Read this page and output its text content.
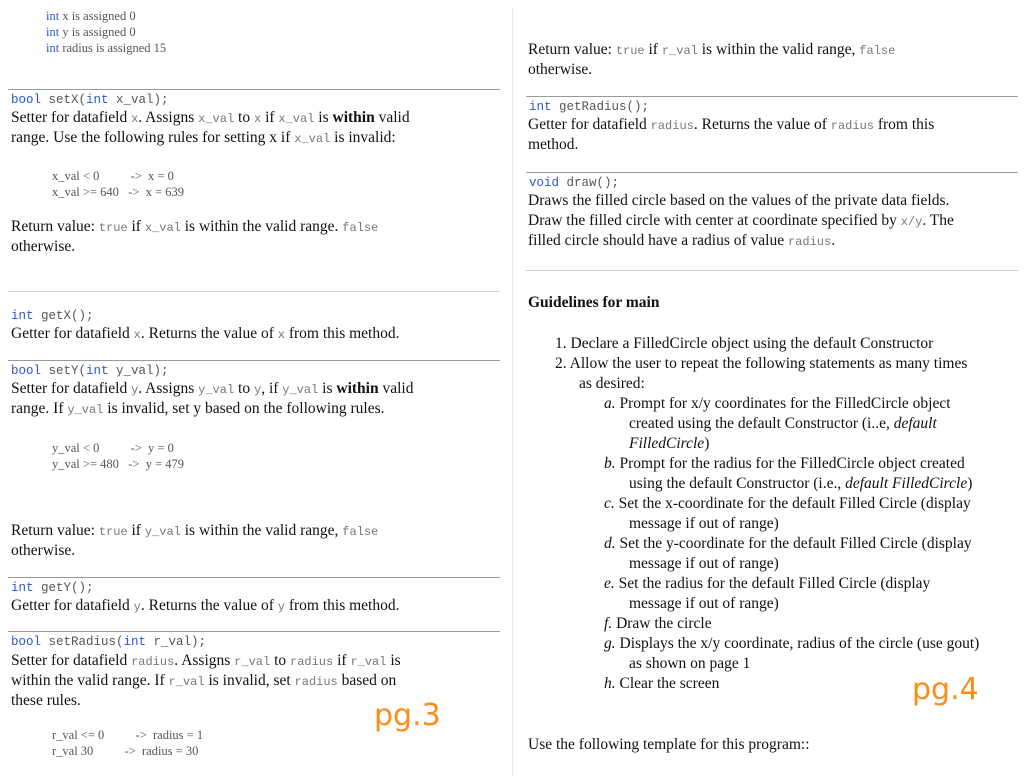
int x is assigned 0
int y is assigned 0
int radius is assigned 15
bool setX(int x_val);
Setter for datafield x. Assigns x_val to x if x_val is within valid
range. Use the following rules for setting x if x_val is invalid:
x_val < 0          ->  x = 0
x_val >= 640   ->  x = 639
Return value: true if x_val is within the valid range. false
otherwise.
int getX();
Getter for datafield x. Returns the value of x from this method.
bool setY(int y_val);
Setter for datafield y. Assigns y_val to y, if y_val is within valid
range. If y_val is invalid, set y based on the following rules.
y_val < 0          ->  y = 0
y_val >= 480   ->  y = 479
Return value: true if y_val is within the valid range, false
otherwise.
int getY();
Getter for datafield y. Returns the value of y from this method.
bool setRadius(int r_val);
Setter for datafield radius. Assigns r_val to radius if r_val is
within the valid range. If r_val is invalid, set radius based on
these rules.
r_val <= 0          ->  radius = 1
r_val 30          ->  radius = 30
pg.3
Return value: true if r_val is within the valid range, false
otherwise.
int getRadius();
Getter for datafield radius. Returns the value of radius from this
method.
void draw();
Draws the filled circle based on the values of the private data fields.
Draw the filled circle with center at coordinate specified by x/y. The
filled circle should have a radius of value radius.
Guidelines for main
1. Declare a FilledCircle object using the default Constructor
2. Allow the user to repeat the following statements as many times
as desired:
a. Prompt for x/y coordinates for the FilledCircle object
created using the default Constructor (i..e, default
FilledCircle)
b. Prompt for the radius for the FilledCircle object created
using the default Constructor (i.e., default FilledCircle)
c. Set the x-coordinate for the default Filled Circle (display
message if out of range)
d. Set the y-coordinate for the default Filled Circle (display
message if out of range)
e. Set the radius for the default Filled Circle (display
message if out of range)
f. Draw the circle
g. Displays the x/y coordinate, radius of the circle (use gout)
as shown on page 1
h. Clear the screen
Use the following template for this program::
pg.4
